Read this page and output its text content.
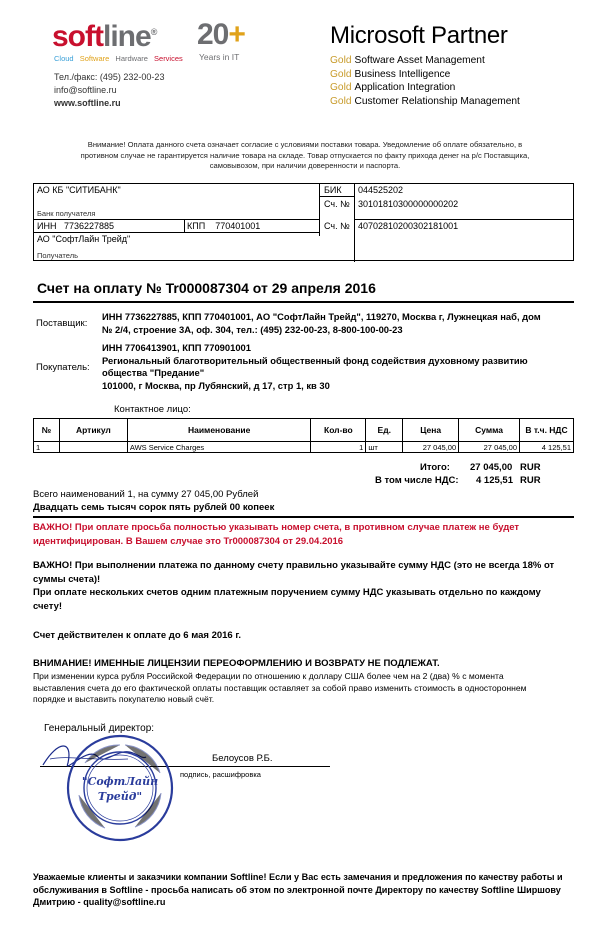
softline®
Cloud Software Hardware Services
20+
Years in IT
Тел./факс: (495) 232-00-23
info@softline.ru
www.softline.ru
Microsoft Partner
Gold Software Asset Management
Gold Business Intelligence
Gold Application Integration
Gold Customer Relationship Management
Внимание! Оплата данного счета означает согласие с условиями поставки товара. Уведомление об оплате обязательно, в противном случае не гарантируется наличие товара на складе. Товар отпускается по факту прихода денег на р/с Поставщика, самовывозом, при наличии доверенности и паспорта.
АО КБ "СИТИБАНК"
Банк получателя
БИК 044525202
Сч. № 30101810300000000202
ИНН 7736227885	КПП 770401001	Сч. № 40702810200302181001
АО "СофтЛайн Трейд"
Получатель
Счет на оплату № Tr000087304 от 29 апреля 2016
Поставщик:
ИНН 7736227885, КПП 770401001, АО "СофтЛайн Трейд", 119270, Москва г, Лужнецкая наб, дом
№ 2/4, строение 3А, оф. 304, тел.: (495) 232-00-23, 8-800-100-00-23
Покупатель:
ИНН 7706413901, КПП 770901001
Региональный благотворительный общественный фонд содействия духовному развитию
общества "Предание"
101000, г Москва, пр Лубянский, д 17, стр 1, кв 30
Контактное лицо:
№	Артикул	Наименование	Кол-во	Ед.	Цена	Сумма	В т.ч. НДС
1		AWS Service Charges	1	шт	27 045,00	27 045,00	4 125,51
Итого: 27 045,00 RUR
В том числе НДС: 4 125,51 RUR
Всего наименований 1, на сумму 27 045,00 Рублей
Двадцать семь тысяч сорок пять рублей 00 копеек
ВАЖНО! При оплате просьба полностью указывать номер счета, в противном случае платеж не будет
идентифицирован. В Вашем случае это Tr000087304 от 29.04.2016
ВАЖНО! При выполнении платежа по данному счету правильно указывайте сумму НДС (это не всегда 18% от
суммы счета)!
При оплате нескольких счетов одним платежным поручением сумму НДС указывать отдельно по каждому
счету!
Счет действителен к оплате до 6 мая 2016 г.
ВНИМАНИЕ! ИМЕННЫЕ ЛИЦЕНЗИИ ПЕРЕОФОРМЛЕНИЮ И ВОЗВРАТУ НЕ ПОДЛЕЖАТ.
При изменении курса рубля Российской Федерации по отношению к доллару США более чем на 2 (два) % с момента
выставления счета до его фактической оплаты поставщик оставляет за собой право изменить стоимость в одностороннем
порядке и выставить покупателю новый счёт.
Генеральный директор:
Белоусов Р.Б.
подпись, расшифровка
"СофтЛайн
Трейд"
Уважаемые клиенты и заказчики компании Softline! Если у Вас есть замечания и предложения по качеству работы и
обслуживания в Softline - просьба написать об этом по электронной почте Директору по качеству Softline Ширшову
Дмитрию - quality@softline.ru
